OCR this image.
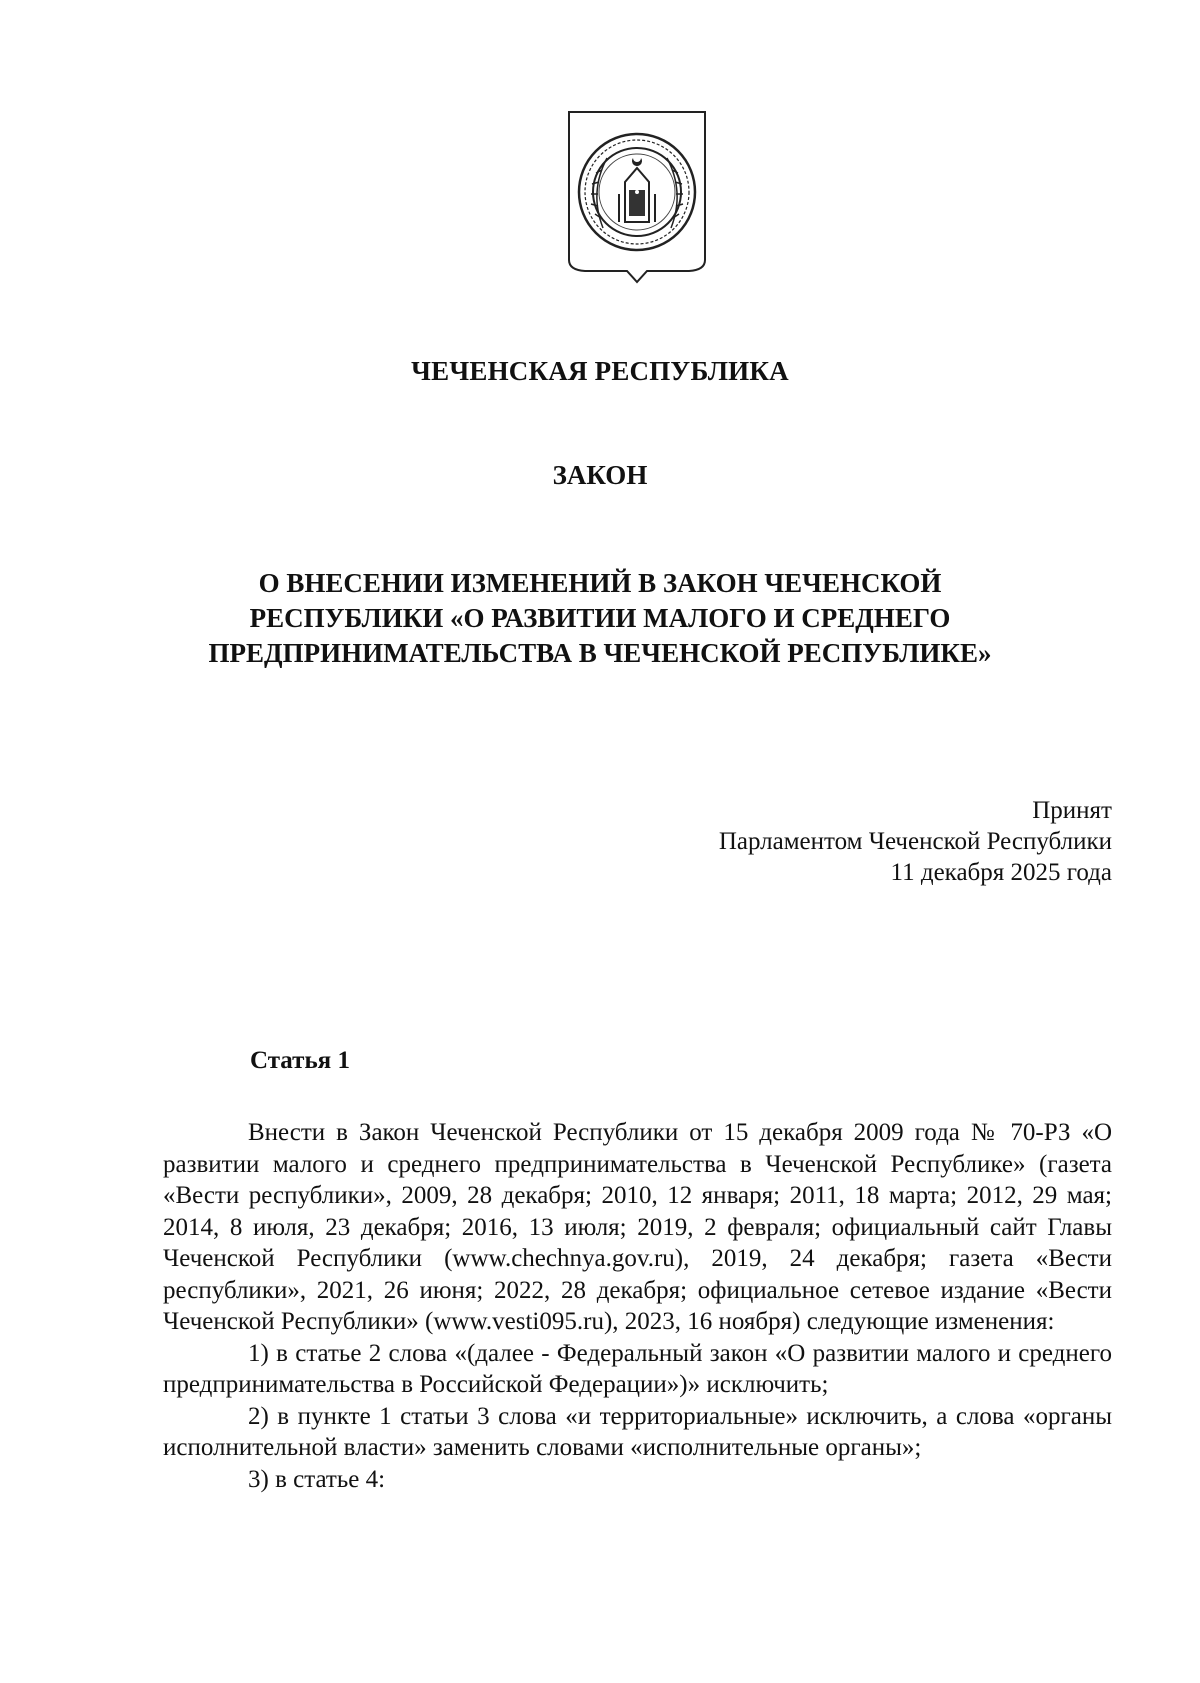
ЧЕЧЕНСКАЯ РЕСПУБЛИКА
ЗАКОН
О ВНЕСЕНИИ ИЗМЕНЕНИЙ В ЗАКОН ЧЕЧЕНСКОЙ
РЕСПУБЛИКИ «О РАЗВИТИИ МАЛОГО И СРЕДНЕГО
ПРЕДПРИНИМАТЕЛЬСТВА В ЧЕЧЕНСКОЙ РЕСПУБЛИКЕ»
Принят
Парламентом Чеченской Республики
11 декабря 2025 года
Статья 1

Внести в Закон Чеченской Республики от 15 декабря 2009 года № 70-РЗ «О развитии малого и среднего предпринимательства в Чеченской Республике» (газета «Вести республики», 2009, 28 декабря; 2010, 12 января; 2011, 18 марта; 2012, 29 мая; 2014, 8 июля, 23 декабря; 2016, 13 июля; 2019, 2 февраля; официальный сайт Главы Чеченской Республики (www.chechnya.gov.ru), 2019, 24 декабря; газета «Вести республики», 2021, 26 июня; 2022, 28 декабря; официальное сетевое издание «Вести Чеченской Республики» (www.vesti095.ru), 2023, 16 ноября) следующие изменения:

1) в статье 2 слова «(далее - Федеральный закон «О развитии малого и среднего предпринимательства в Российской Федерации»)» исключить;

2) в пункте 1 статьи 3 слова «и территориальные» исключить, а слова «органы исполнительной власти» заменить словами «исполнительные органы»;

3) в статье 4:
